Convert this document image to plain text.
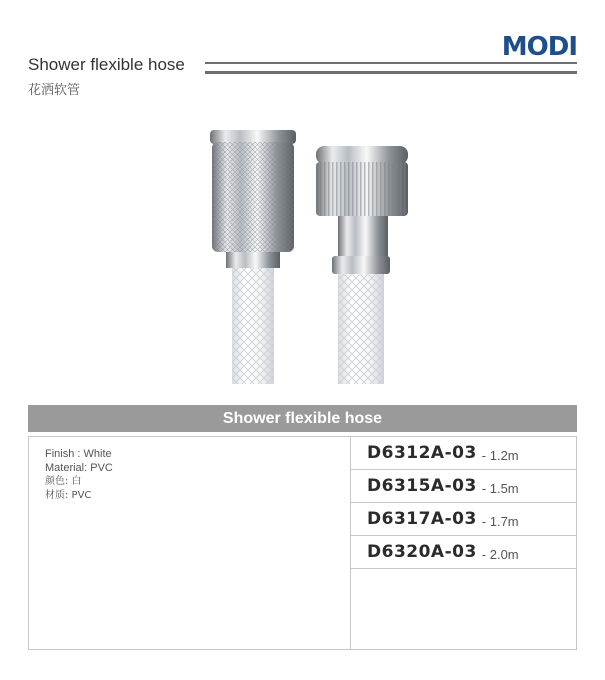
MODI
Shower flexible hose
花洒软管
Shower flexible hose
Finish : White
Material: PVC
颜色: 白
材质: PVC
D6312A-03 - 1.2m
D6315A-03 - 1.5m
D6317A-03 - 1.7m
D6320A-03 - 2.0m
